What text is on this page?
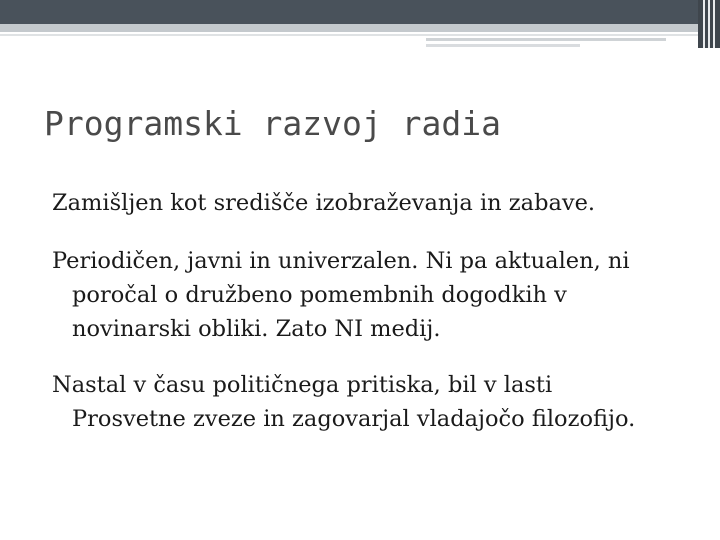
Programski razvoj radia

Zamišljen kot središče izobraževanja in zabave.

Periodičen, javni in univerzalen. Ni pa aktualen, ni
poročal o družbeno pomembnih dogodkih v
novinarski obliki. Zato NI medij.

Nastal v času političnega pritiska, bil v lasti
Prosvetne zveze in zagovarjal vladajočo filozofijo.
